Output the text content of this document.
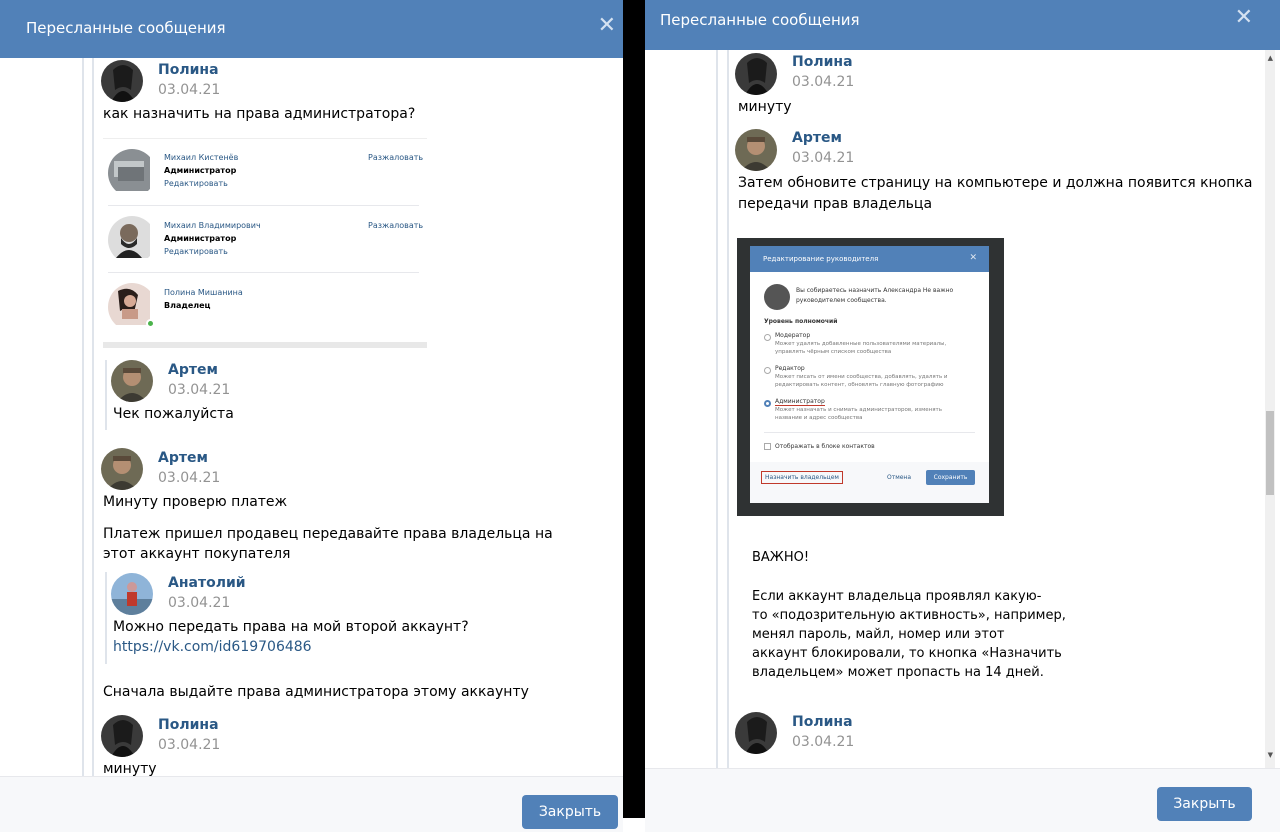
Пересланные сообщения	✕
Полина
03.04.21
как назначить на права администратора?
Михаил Кистенёв
Администратор
Редактировать
Разжаловать
Михаил Владимирович
Администратор
Редактировать
Разжаловать
Полина Мишанина
Владелец
Артем
03.04.21
Чек пожалуйста
Артем
03.04.21
Минуту проверю платеж
Платеж пришел продавец передавайте права владельца на этот аккаунт покупателя
Анатолий
03.04.21
Можно передать права на мой второй аккаунт?
https://vk.com/id619706486
Сначала выдайте права администратора этому аккаунту
Полина
03.04.21
минуту
Закрыть
Пересланные сообщения	✕
Полина
03.04.21
минуту
Артем
03.04.21
Затем обновите страницу на компьютере и должна появится кнопка
передачи прав владельца
Редактирование руководителя	✕
Вы собираетесь назначить Александра Не важно руководителем сообщества.
Уровень полномочий
Модератор
Может удалять добавленные пользователями материалы, управлять чёрным списком сообщества
Редактор
Может писать от имени сообщества, добавлять, удалять и редактировать контент, обновлять главную фотографию
Администратор
Может назначать и снимать администраторов, изменять название и адрес сообщества
Отображать в блоке контактов
Назначить владельцем	Отмена	Сохранить
ВАЖНО!
Если аккаунт владельца проявлял какую-
то «подозрительную активность», например,
менял пароль, майл, номер или этот
аккаунт блокировали, то кнопка «Назначить
владельцем» может пропасть на 14 дней.
Полина
03.04.21
▲
▼
Закрыть
